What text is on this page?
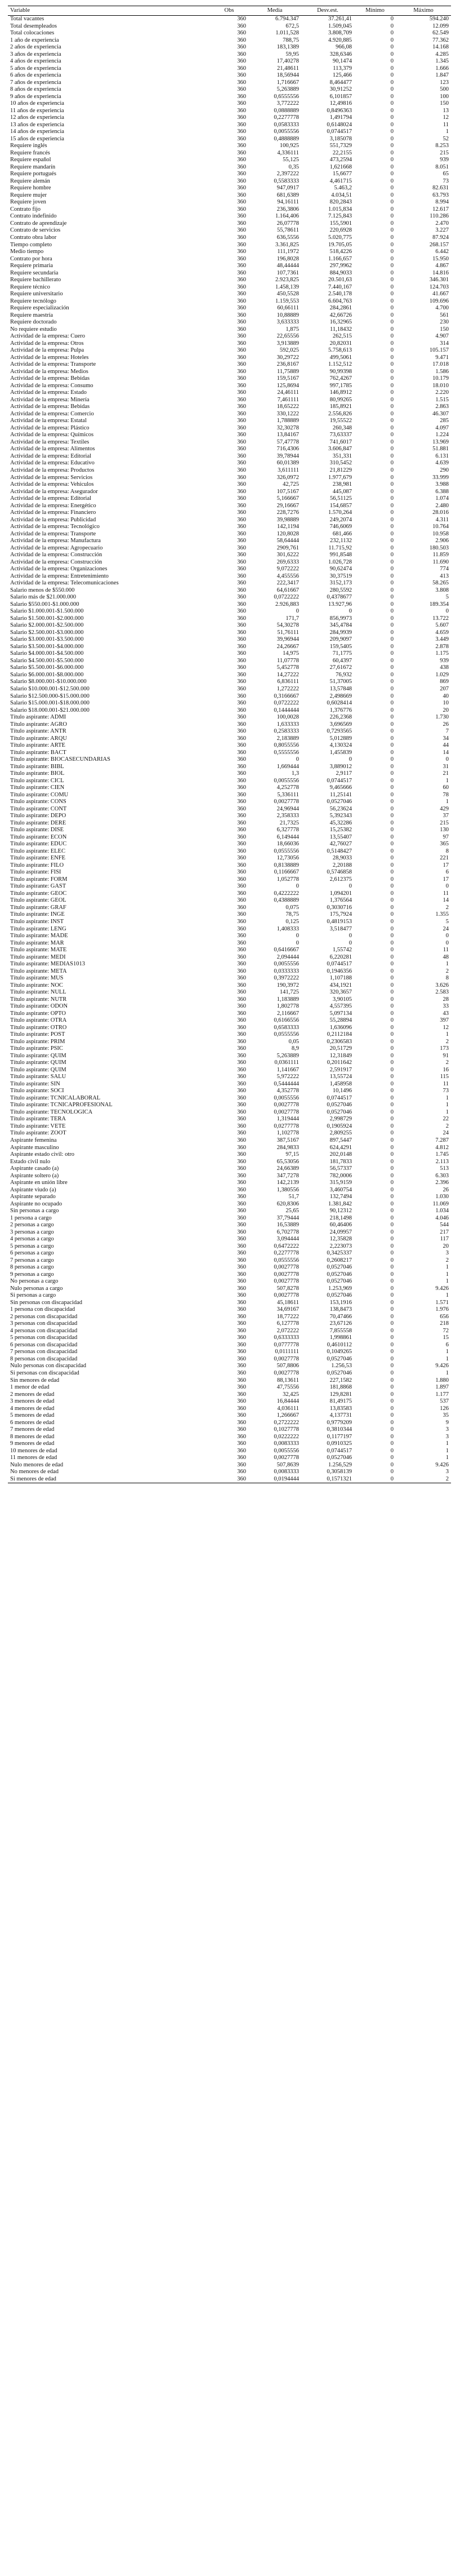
Variable	Obs	Media	Desv.est.	Mínimo	Máximo
Total vacantes	360	6.794.347	37.261,41	0	594.240
Total desempleados	360	672,5	1.509,045	0	12.099
Total colocaciones	360	1.011,528	3.808,709	0	62.549
1 año de experiencia	360	788,75	4.920,885	0	77.362
2 años de experiencia	360	183,1389	966,08	0	14.168
3 años de experiencia	360	59,95	328,6346	0	4.285
4 años de experiencia	360	17,40278	90,1474	0	1.345
5 años de experiencia	360	21,48611	113,379	0	1.666
6 años de experiencia	360	18,56944	125,466	0	1.847
7 años de experiencia	360	1,716667	8,464477	0	123
8 años de experiencia	360	5,263889	30,91252	0	500
9 años de experiencia	360	0,6555556	6,101857	0	100
10 años de experiencia	360	3,772222	12,49816	0	150
11 años de experiencia	360	0,0888889	0,8496363	0	13
12 años de experiencia	360	0,2277778	1,491794	0	12
13 años de experiencia	360	0,0583333	0,6148024	0	11
14 años de experiencia	360	0,0055556	0,0744517	0	1
15 años de experiencia	360	0,4888889	3,185078	0	52
Requiere inglés	360	100,925	551,7329	0	8.253
Requiere francés	360	4,336111	22,2155	0	215
Requiere español	360	55,125	473,2594	0	939
Requiere mandarín	360	0,35	1,621668	0	8.051
Requiere portugués	360	2,397222	15,6677	0	65
Requiere alemán	360	0,5583333	4,461715	0	73
Requiere hombre	360	947,0917	5.463,2	0	82.631
Requiere mujer	360	681,6389	4.034,51	0	63.793
Requiere joven	360	94,16111	820,2843	0	8.994
Contrato fijo	360	236,3806	1.015,834	0	12.617
Contrato indefinido	360	1.164,406	7.125,843	0	110.286
Contrato de aprendizaje	360	26,07778	155,5901	0	2.470
Contrato de servicios	360	55,78611	220,6928	0	3.227
Contrato obra labor	360	636,5556	5.020,775	0	87.924
Tiempo completo	360	3.361,825	19.705,05	0	268.157
Medio tiempo	360	111,1972	518,4226	0	6.442
Contrato por hora	360	196,8028	1.166,657	0	15.950
Requiere primaria	360	48,44444	297,9962	0	4.867
Requiere secundaria	360	107,7361	884,9033	0	14.816
Requiere bachillerato	360	2.923,825	20.501,63	0	346.301
Requiere técnico	360	1.458,139	7.440,167	0	124.703
Requiere universitario	360	450,5528	2.540,178	0	41.667
Requiere tecnólogo	360	1.159,553	6.604,763	0	109.696
Requiere especialización	360	60,66111	284,2861	0	4.700
Requiere maestría	360	10,88889	42,66726	0	561
Requiere doctorado	360	3,633333	16,32965	0	230
No requiere estudio	360	1,875	11,18432	0	150
Actividad de la empresa: Cuero	360	22,65556	262,515	0	4.907
Actividad de la empresa: Otros	360	3,913889	20,82031	0	314
Actividad de la empresa: Pulpa	360	592,025	5.758,613	0	105.157
Actividad de la empresa: Hoteles	360	30,29722	499,5061	0	9.471
Actividad de la empresa: Transporte	360	236,8167	1.152,512	0	17.018
Actividad de la empresa: Medios	360	11,75889	90,99398	0	1.586
Actividad de la empresa: Bebidas	360	159,5167	762,4267	0	10.179
Actividad de la empresa: Consumo	360	125,8694	997,1785	0	18.010
Actividad de la empresa: Estado	360	24,46111	146,8912	0	2.220
Actividad de la empresa: Minería	360	7,461111	80,99265	0	1.515
Actividad de la empresa: Bebidas	360	18,65222	185,8921	0	2.863
Actividad de la empresa: Comercio	360	330,1222	2.556,826	0	46.307
Actividad de la empresa: Estatal	360	1,788889	19,55522	0	285
Actividad de la empresa: Plástico	360	32,30278	260,348	0	4.097
Actividad de la empresa: Químicos	360	13,84167	73,63337	0	1.224
Actividad de la empresa: Textiles	360	57,47778	741,6017	0	13.969
Actividad de la empresa: Alimentos	360	716,4306	3.606,847	0	51.881
Actividad de la empresa: Editorial	360	39,78944	351,331	0	6.131
Actividad de la empresa: Educativo	360	60,01389	310,5452	0	4.639
Actividad de la empresa: Productos	360	3,611111	21,81229	0	290
Actividad de la empresa: Servicios	360	326,0972	1.977,679	0	33.999
Actividad de la empresa: Vehículos	360	42,725	238,981	0	3.988
Actividad de la empresa: Asegurador	360	107,5167	445,087	0	6.388
Actividad de la empresa: Editorial	360	5,166667	56,51125	0	1.074
Actividad de la empresa: Energético	360	29,16667	154,6857	0	2.480
Actividad de la empresa: Financiero	360	228,7276	1.570,264	0	28.016
Actividad de la empresa: Publicidad	360	39,98889	249,2074	0	4.311
Actividad de la empresa: Tecnológico	360	142,1194	746,6069	0	10.764
Actividad de la empresa: Transporte	360	120,8028	681,466	0	10.958
Actividad de la empresa: Manufactura	360	58,64444	232,1132	0	2.906
Actividad de la empresa: Agropecuario	360	2909,761	11.715,92	0	180.503
Actividad de la empresa: Construcción	360	301,6222	991,8548	0	11.859
Actividad de la empresa: Construcción	360	269,6333	1.026,728	0	11.690
Actividad de la empresa: Organizaciones	360	9,072222	90,62474	0	774
Actividad de la empresa: Entretenimiento	360	4,455556	30,37519	0	413
Actividad de la empresa: Telecomunicaciones	360	222,3417	3152,173	0	58.265
Salario menos de $550.000	360	64,61667	280,5592	0	3.808
Salario más de $21.000.000	360	0,0722222	0,4378677	0	5
Salario $550.001-$1.000.000	360	2.926,883	13.927,96	0	189.354
Salario $1.000.001-$1.500.000	360	0	0	0	0
Salario $1.500.001-$2.000.000	360	171,7	856,9973	0	13.722
Salario $2.000.001-$2.500.000	360	54,30278	345,4784	0	5.607
Salario $2.500.001-$3.000.000	360	51,76111	284,9939	0	4.659
Salario $3.000.001-$3.500.000	360	39,96944	209,9097	0	3.449
Salario $3.500.001-$4.000.000	360	24,26667	159,5405	0	2.878
Salario $4.000.001-$4.500.000	360	14,975	71,1775	0	1.175
Salario $4.500.001-$5.500.000	360	11,07778	60,4397	0	939
Salario $5.500.001-$6.000.000	360	5,452778	27,61672	0	438
Salario $6.000.001-$8.000.000	360	14,27222	76,932	0	1.029
Salario $8.000.001-$10.000.000	360	6,836111	51,37005	0	869
Salario $10.000.001-$12.500.000	360	1,272222	13,57848	0	207
Salario $12.500.000-$15.000.000	360	0,3166667	2,498669	0	40
Salario $15.000.001-$18.000.000	360	0,0722222	0,6028414	0	10
Salario $18.000.001-$21.000.000	360	0,1444444	1,376776	0	20
Título aspirante: ADMI	360	100,0028	226,2368	0	1.730
Título aspirante: AGRO	360	1,633333	3,696569	0	26
Título aspirante: ANTR	360	0,2583333	0,7293565	0	7
Título aspirante: ARQU	360	2,183889	5,012889	0	34
Título aspirante: ARTE	360	0,8055556	4,130324	0	44
Título aspirante: BACT	360	0,5555556	1,455839	0	14
Título aspirante: BIOCASECUNDARIAS	360	0	0	0	0
Título aspirante: BIBL	360	1,669444	3,889012	0	31
Título aspirante: BIOL	360	1,3	2,9117	0	21
Título aspirante: CICL	360	0,0055556	0,0744517	0	1
Título aspirante: CIEN	360	4,252778	9,465666	0	60
Título aspirante: COMU	360	5,336111	11,25141	0	78
Título aspirante: CONS	360	0,0027778	0,0527046	0	1
Título aspirante: CONT	360	24,96944	56,23624	0	429
Título aspirante: DEPO	360	2,358333	5,392343	0	37
Título aspirante: DERE	360	21,7325	45,32286	0	215
Título aspirante: DISE	360	6,327778	15,25382	0	130
Título aspirante: ECON	360	6,149444	13,55407	0	97
Título aspirante: EDUC	360	18,66036	42,76027	0	365
Título aspirante: ELEC	360	0,0555556	0,5148427	0	8
Título aspirante: ENFE	360	12,73056	28,9033	0	221
Título aspirante: FILO	360	0,8138889	2,20188	0	17
Título aspirante: FISI	360	0,1166667	0,5746858	0	6
Título aspirante: FORM	360	1,052778	2,612375	0	17
Título aspirante: GAST	360	0	0	0	0
Título aspirante: GEOC	360	0,4222222	1,094201	0	11
Título aspirante: GEOL	360	0,4388889	1,376564	0	14
Título aspirante: GRAF	360	0,075	0,3030716	0	2
Título aspirante: INGE	360	78,75	175,7924	0	1.355
Título aspirante: INST	360	0,125	0,4819153	0	5
Título aspirante: LENG	360	1,408333	3,518477	0	24
Título aspirante: MADE	360	0	0	0	0
Título aspirante: MAR	360	0	0	0	0
Título aspirante: MATE	360	0,6416667	1,55742	0	11
Título aspirante: MEDI	360	2,094444	6,220281	0	48
Título aspirante: MEDIAS1013	360	0,0055556	0,0744517	0	1
Título aspirante: META	360	0,0333333	0,1946356	0	2
Título aspirante: MUS	360	0,3972222	1,107188	0	8
Título aspirante: NOC	360	190,3972	434,1921	0	3.626
Título aspirante: NULL	360	141,725	320,3657	0	2.583
Título aspirante: NUTR	360	1,183889	3,90105	0	28
Título aspirante: ODON	360	1,802778	4,557395	0	33
Título aspirante: OPTO	360	2,116667	5,097134	0	43
Título aspirante: OTRA	360	0,6166556	55,28894	0	397
Título aspirante: OTRO	360	0,6583333	1,636096	0	12
Título aspirante: POST	360	0,0555556	0,2112184	0	1
Título aspirante: PRIM	360	0,05	0,2306583	0	2
Título aspirante: PSIC	360	8,9	20,51729	0	173
Título aspirante: QUIM	360	5,263889	12,31849	0	91
Título aspirante: QUIM	360	0,0361111	0,2011642	0	2
Título aspirante: QUIM	360	1,141667	2,591917	0	16
Título aspirante: SALU	360	5,972222	13,55724	0	115
Título aspirante: SIN	360	0,5444444	1,458958	0	11
Título aspirante: SOCI	360	4,352778	10,1496	0	73
Título aspirante: TCNICALABORAL	360	0,0055556	0,0744517	0	1
Título aspirante: TCNICAPROFESIONAL	360	0,0027778	0,0527046	0	1
Título aspirante: TECNOLOGICA	360	0,0027778	0,0527046	0	1
Título aspirante: TERA	360	1,319444	2,998729	0	22
Título aspirante: VETE	360	0,0277778	0,1905924	0	2
Título aspirante: ZOOT	360	1,102778	2,809255	0	24
Aspirante femenina	360	387,5167	897,5447	0	7.287
Aspirante masculino	360	284,9833	624,4291	0	4.812
Aspirante estado civil: otro	360	97,15	202,0148	0	1.745
Estado civil nulo	360	65,53056	181,7833	0	2.113
Aspirante casado (a)	360	24,66389	56,57337	0	513
Aspirante soltero (a)	360	347,7278	782,0006	0	6.303
Aspirante en unión libre	360	142,2139	315,9159	0	2.396
Aspirante viudo (a)	360	1,380556	3,460754	0	26
Aspirante separado	360	51,7	132,7494	0	1.030
Aspirante no ocupado	360	620,8306	1.381,842	0	11.069
Sin personas a cargo	360	25,65	90,12312	0	1.034
1 persona a cargo	360	37,79444	218,1498	0	4.046
2 personas a cargo	360	16,53889	60,46406	0	544
3 personas a cargo	360	6,702778	24,09957	0	217
4 personas a cargo	360	3,094444	12,35828	0	117
5 personas a cargo	360	0,6472222	2,223073	0	20
6 personas a cargo	360	0,2277778	0,3425337	0	3
7 personas a cargo	360	0,0555556	0,2608217	0	2
8 personas a cargo	360	0,0027778	0,0527046	0	1
9 personas a cargo	360	0,0027778	0,0527046	0	1
No personas a cargo	360	0,0027778	0,0527046	0	1
Nulo personas a cargo	360	507,8278	1.253,969	0	9.426
Si personas a cargo	360	0,0027778	0,0527046	0	1
Sin personas con discapacidad	360	45,18611	153,1916	0	1.571
1 persona con discapacidad	360	34,69167	138,8473	0	1.976
2 personas con discapacidad	360	18,77222	70,47466	0	656
3 personas con discapacidad	360	6,127778	23,67126	0	218
4 personas con discapacidad	360	2,072222	7,855558	0	72
5 personas con discapacidad	360	0,6333333	1,998861	0	15
6 personas con discapacidad	360	0,0777778	0,4610112	0	6
7 personas con discapacidad	360	0,0111111	0,1049265	0	1
8 personas con discapacidad	360	0,0027778	0,0527046	0	1
Nulo personas con discapacidad	360	507,8806	1.256,53	0	9.426
Si personas con discapacidad	360	0,0027778	0,0527046	0	1
Sin menores de edad	360	88,13611	227,1582	0	1.880
1 menor de edad	360	47,75556	181,8868	0	1.897
2 menores de edad	360	32,425	129,8281	0	1.177
3 menores de edad	360	16,84444	81,49175	0	537
4 menores de edad	360	4,036111	13,83583	0	126
5 menores de edad	360	1,266667	4,137731	0	35
6 menores de edad	360	0,2722222	0,9779209	0	9
7 menores de edad	360	0,1027778	0,3810344	0	3
8 menores de edad	360	0,0222222	0,1177197	0	3
9 menores de edad	360	0,0083333	0,0910325	0	1
10 menores de edad	360	0,0055556	0,0744517	0	1
11 menores de edad	360	0,0027778	0,0527046	0	1
Nulo menores de edad	360	507,8639	1.256,529	0	9.426
No menores de edad	360	0,0083333	0,3058139	0	3
Si menores de edad	360	0,0194444	0,1571321	0	2
